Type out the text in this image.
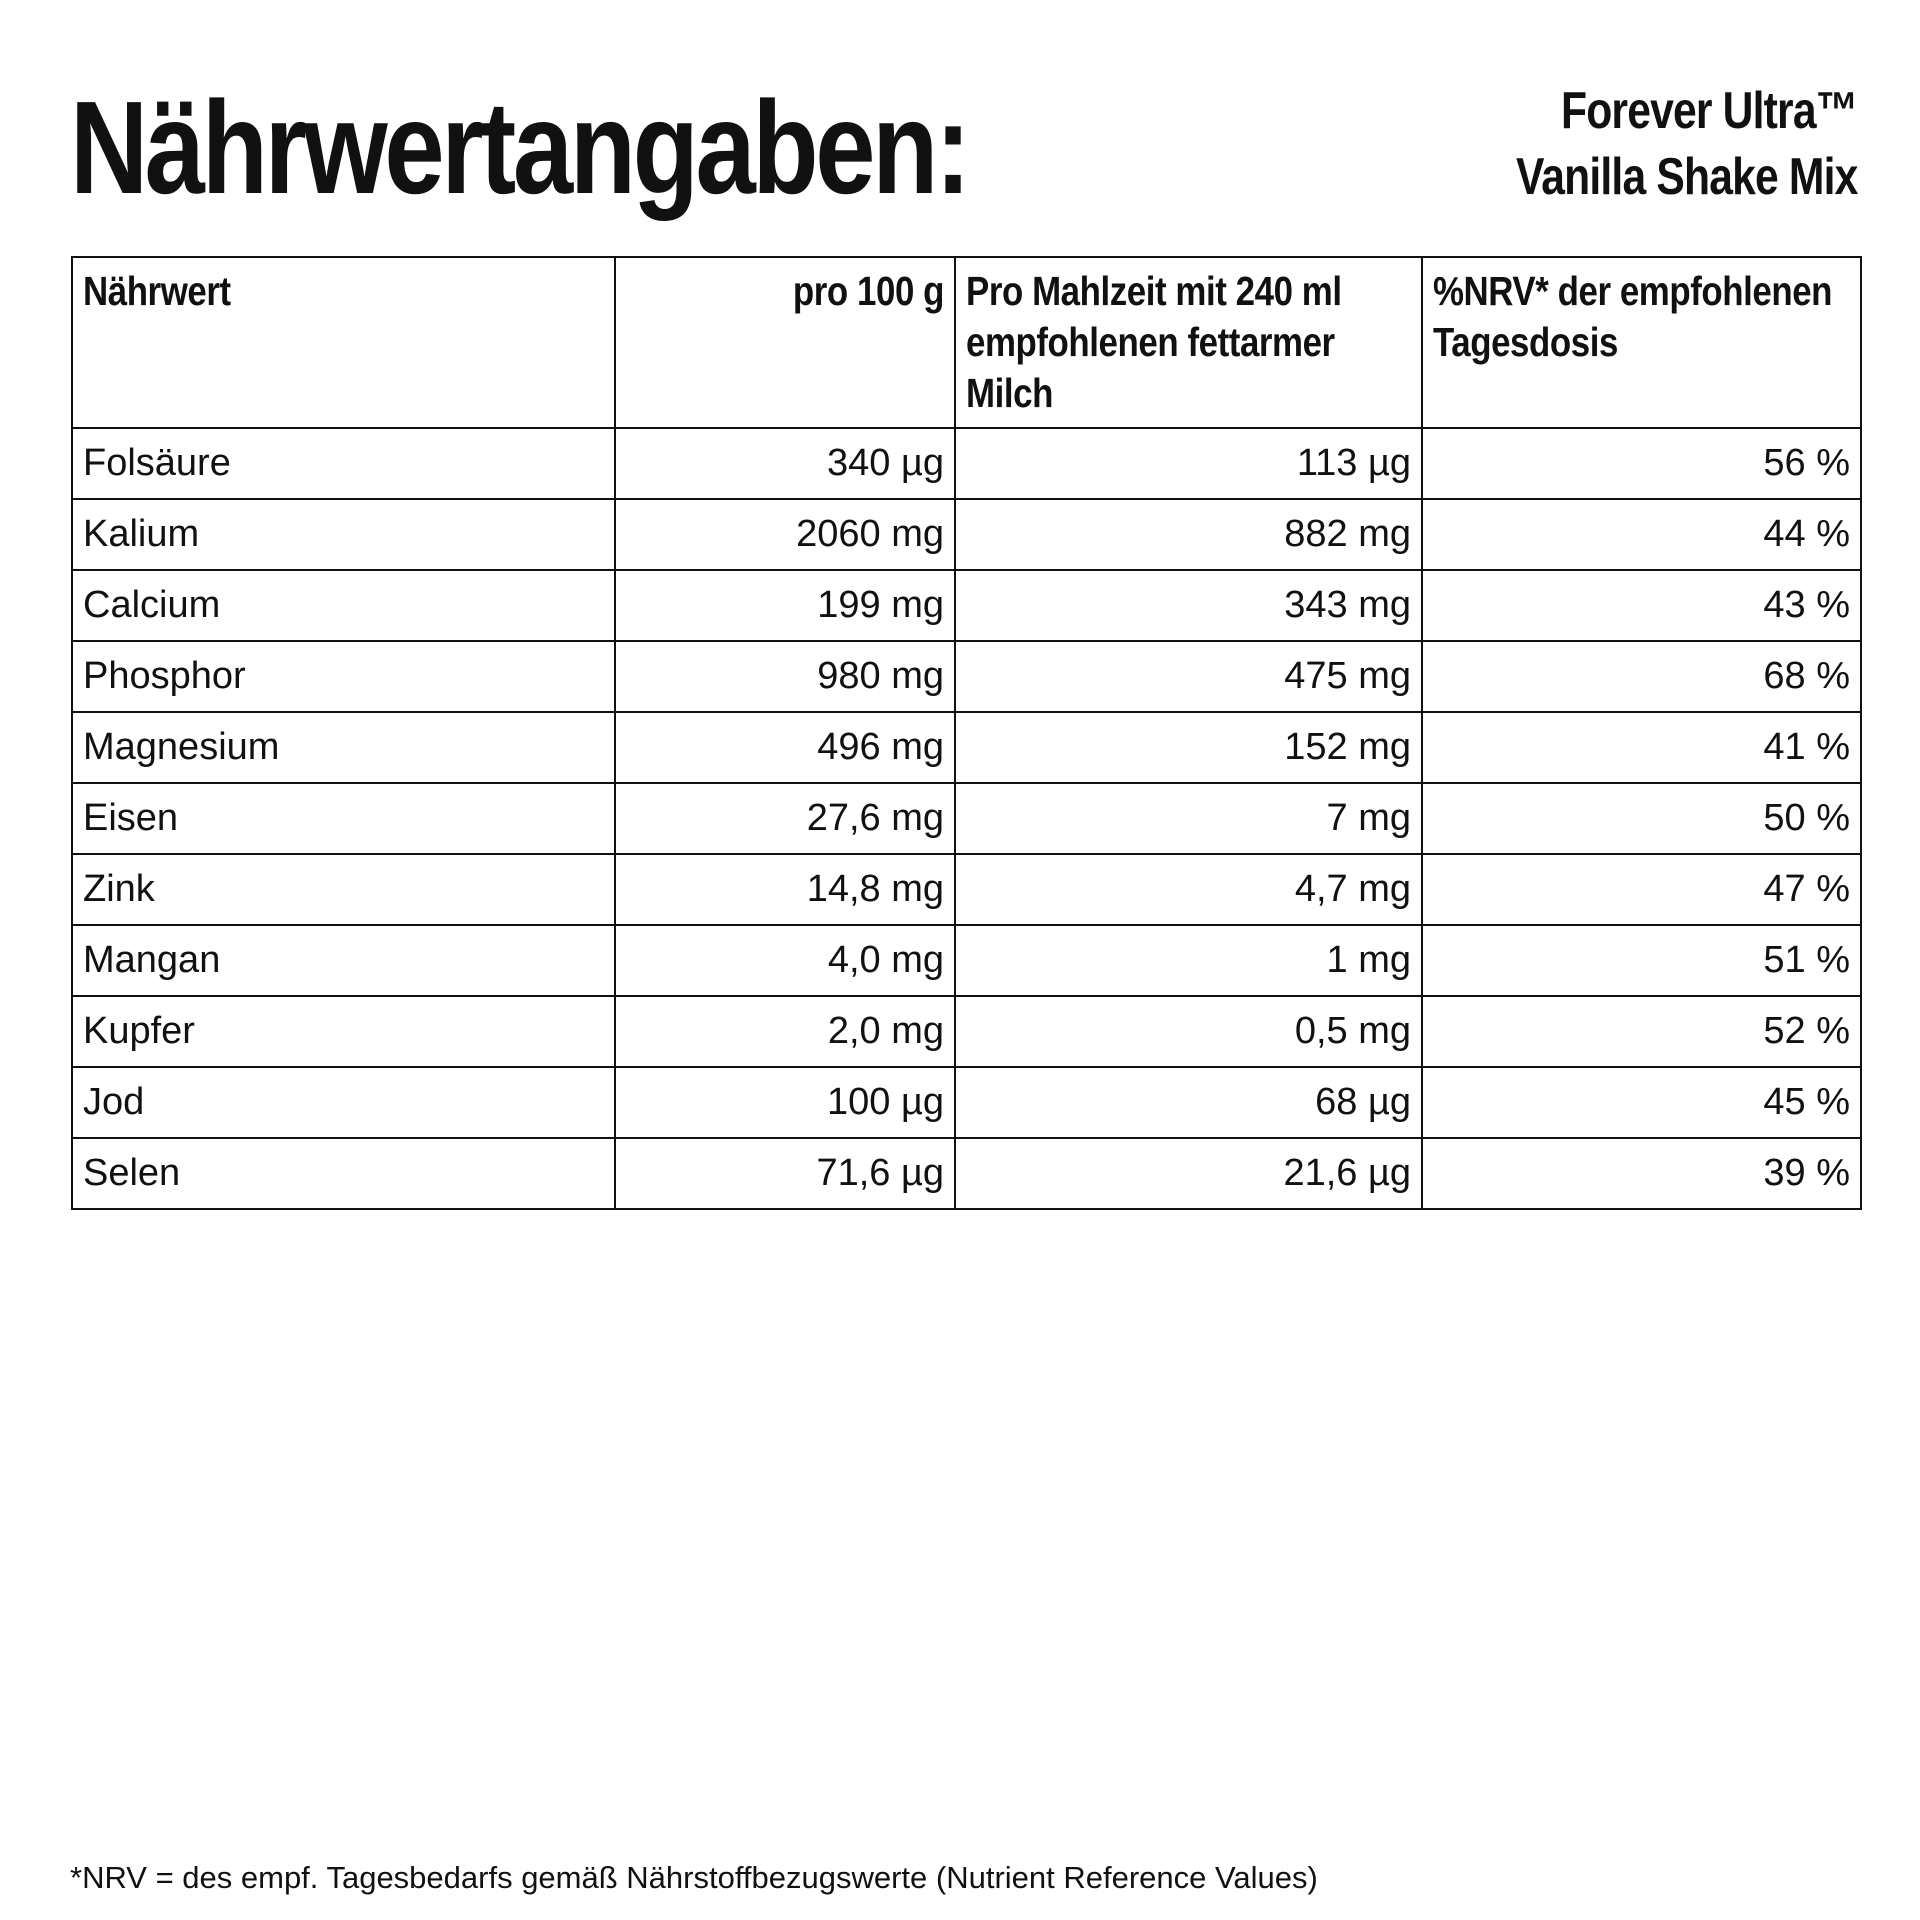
Nährwertangaben:	Forever Ultra™
Vanilla Shake Mix
Nährwert	pro 100 g	Pro Mahlzeit mit 240 ml empfohlenen fettarmer Milch	%NRV* der empfohlenen Tagesdosis

Folsäure	340 µg	113 µg	56 %
Kalium	2060 mg	882 mg	44 %
Calcium	199 mg	343 mg	43 %
Phosphor	980 mg	475 mg	68 %
Magnesium	496 mg	152 mg	41 %
Eisen	27,6 mg	7 mg	50 %
Zink	14,8 mg	4,7 mg	47 %
Mangan	4,0 mg	1 mg	51 %
Kupfer	2,0 mg	0,5 mg	52 %
Jod	100 µg	68 µg	45 %
Selen	71,6 µg	21,6 µg	39 %
*NRV = des empf. Tagesbedarfs gemäß Nährstoffbezugswerte (Nutrient Reference Values)
